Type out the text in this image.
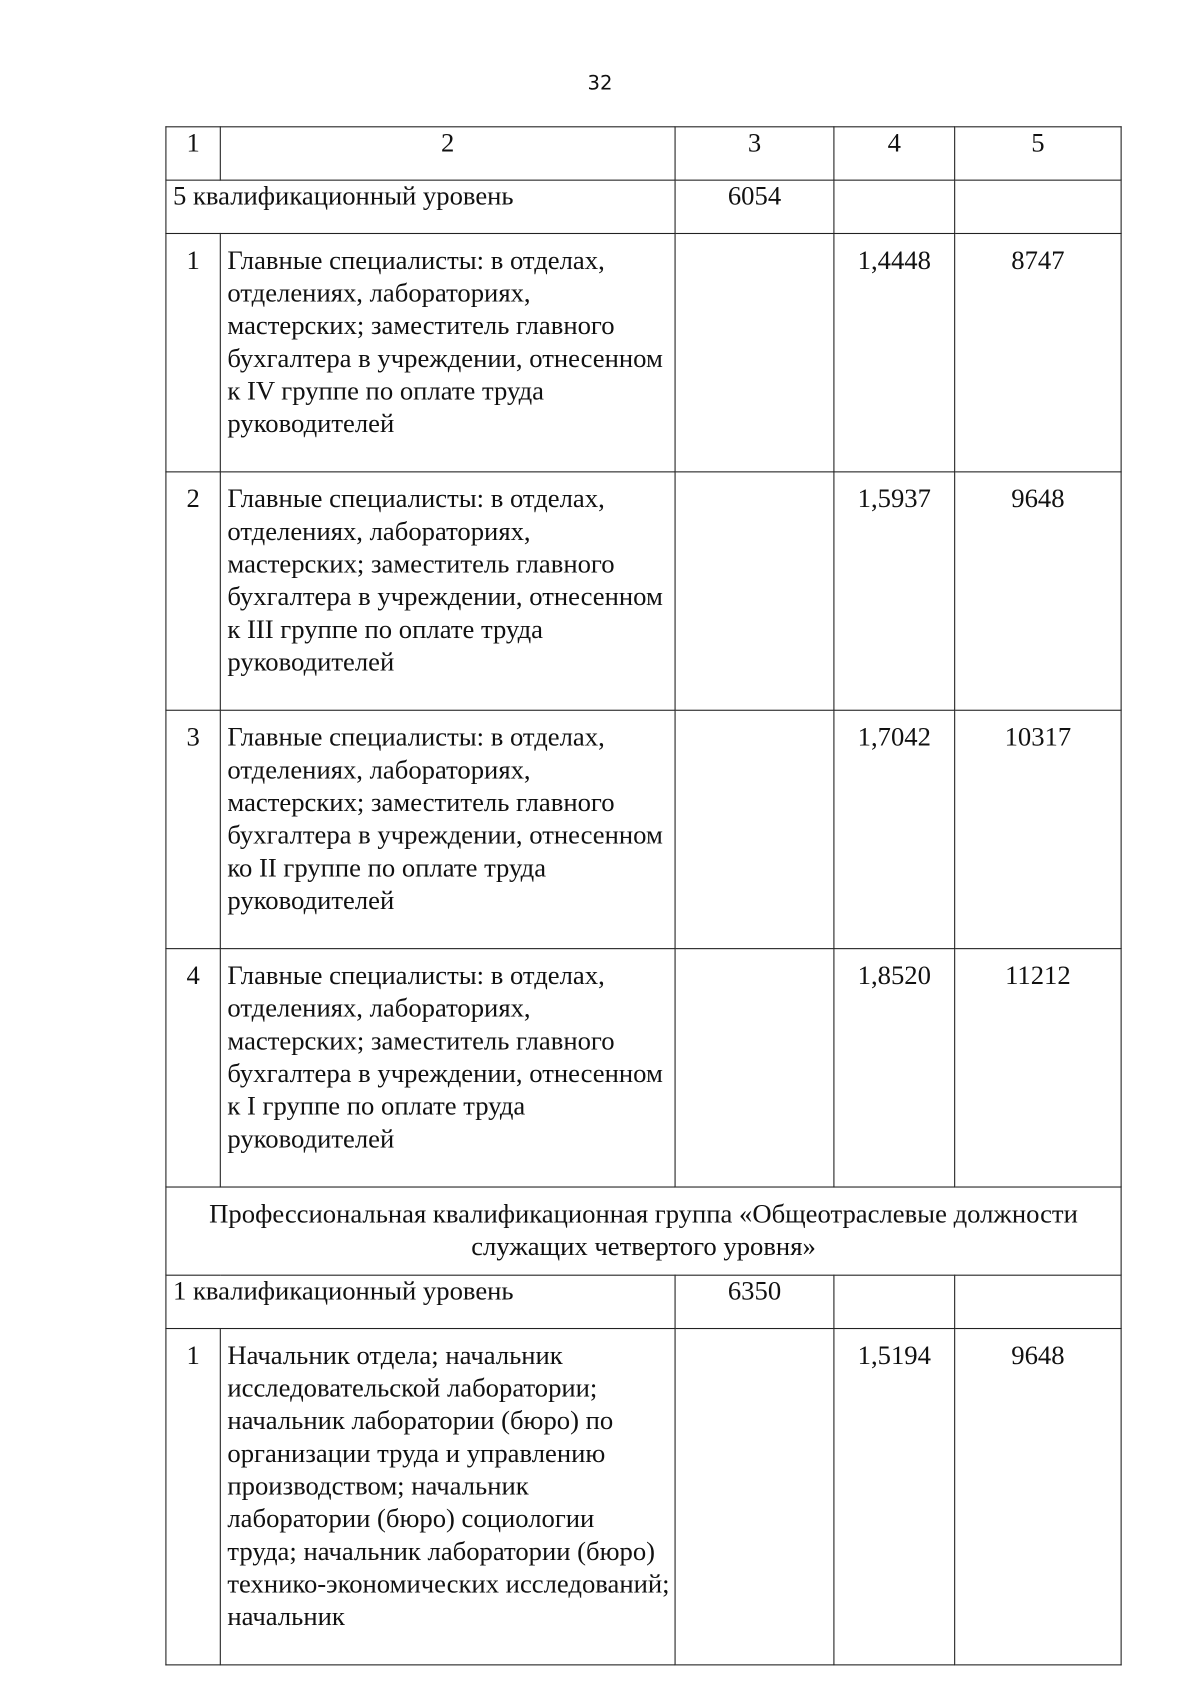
32
1	2	3	4	5
5 квалификационный уровень		6054		
1	Главные специалисты: в отделах, отделениях, лабораториях, мастерских; заместитель главного бухгалтера в учреждении, отнесенном к IV группе по оплате труда руководителей		1,4448	8747
2	Главные специалисты: в отделах, отделениях, лабораториях, мастерских; заместитель главного бухгалтера в учреждении, отнесенном к III группе по оплате труда руководителей		1,5937	9648
3	Главные специалисты: в отделах, отделениях, лабораториях, мастерских; заместитель главного бухгалтера в учреждении, отнесенном ко II группе по оплате труда руководителей		1,7042	10317
4	Главные специалисты: в отделах, отделениях, лабораториях, мастерских; заместитель главного бухгалтера в учреждении, отнесенном к I группе по оплате труда руководителей		1,8520	11212
Профессиональная квалификационная группа «Общеотраслевые должности служащих четвертого уровня»				
1 квалификационный уровень		6350		
1	Начальник отдела; начальник исследовательской лаборатории; начальник лаборатории (бюро) по организации труда и управлению производством; начальник лаборатории (бюро) социологии труда; начальник лаборатории (бюро) технико-экономических исследований; начальник		1,5194	9648
